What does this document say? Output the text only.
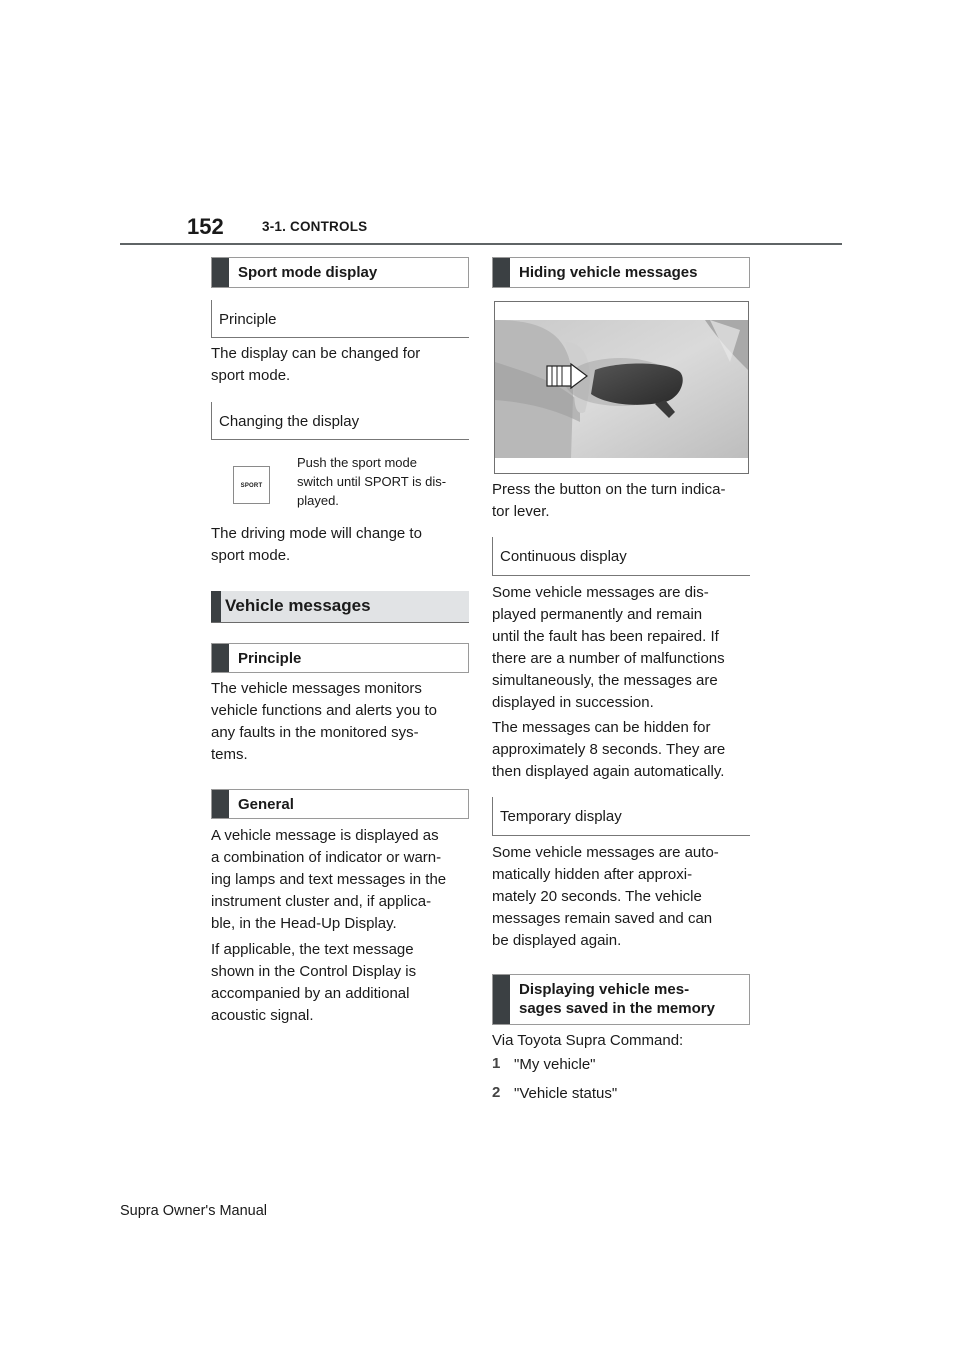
152	3-1. CONTROLS
Sport mode display
Principle
The display can be changed for
sport mode.
Changing the display
SPORT
Push the sport mode
switch until SPORT is dis-
played.
The driving mode will change to
sport mode.
Vehicle messages
Principle
The vehicle messages monitors
vehicle functions and alerts you to
any faults in the monitored sys-
tems.
General
A vehicle message is displayed as
a combination of indicator or warn-
ing lamps and text messages in the
instrument cluster and, if applica-
ble, in the Head-Up Display.
If applicable, the text message
shown in the Control Display is
accompanied by an additional
acoustic signal.
Hiding vehicle messages
Press the button on the turn indica-
tor lever.
Continuous display
Some vehicle messages are dis-
played permanently and remain
until the fault has been repaired. If
there are a number of malfunctions
simultaneously, the messages are
displayed in succession.
The messages can be hidden for
approximately 8 seconds. They are
then displayed again automatically.
Temporary display
Some vehicle messages are auto-
matically hidden after approxi-
mately 20 seconds. The vehicle
messages remain saved and can
be displayed again.
Displaying vehicle mes-
sages saved in the memory
Via Toyota Supra Command:
1 "My vehicle"
2 "Vehicle status"
Supra Owner's Manual
